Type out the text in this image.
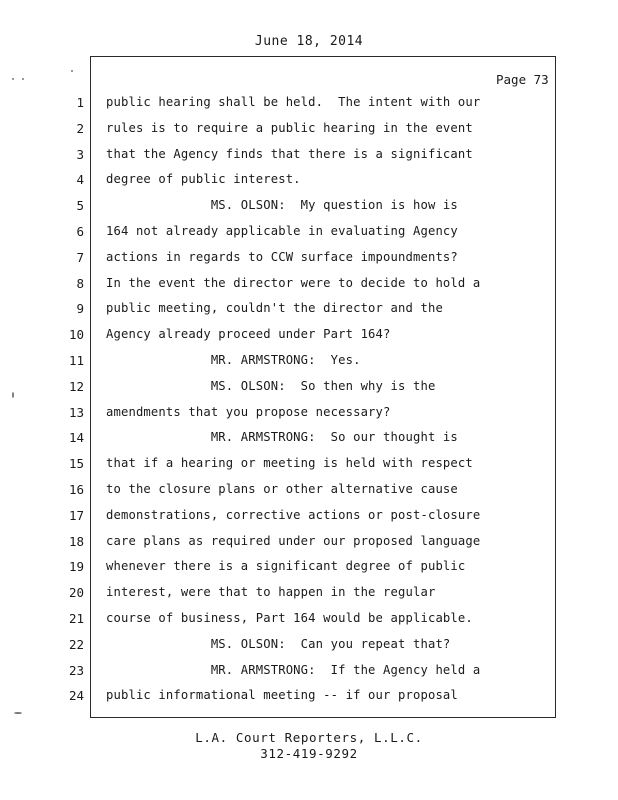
June 18, 2014
Page 73
1 public hearing shall be held.  The intent with our
2 rules is to require a public hearing in the event
3 that the Agency finds that there is a significant
4 degree of public interest.
5 MS. OLSON:  My question is how is
6 164 not already applicable in evaluating Agency
7 actions in regards to CCW surface impoundments?
8 In the event the director were to decide to hold a
9 public meeting, couldn't the director and the
10 Agency already proceed under Part 164?
11 MR. ARMSTRONG:  Yes.
12 MS. OLSON:  So then why is the
13 amendments that you propose necessary?
14 MR. ARMSTRONG:  So our thought is
15 that if a hearing or meeting is held with respect
16 to the closure plans or other alternative cause
17 demonstrations, corrective actions or post-closure
18 care plans as required under our proposed language
19 whenever there is a significant degree of public
20 interest, were that to happen in the regular
21 course of business, Part 164 would be applicable.
22 MS. OLSON:  Can you repeat that?
23 MR. ARMSTRONG:  If the Agency held a
24 public informational meeting -- if our proposal
L.A. Court Reporters, L.L.C.
312-419-9292
